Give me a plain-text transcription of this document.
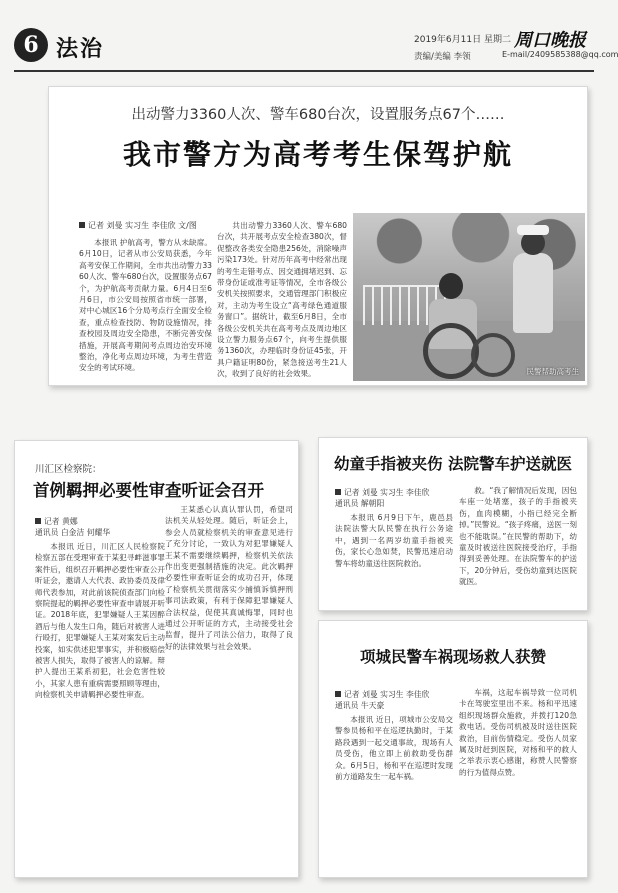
6 法治	2019年6月11日 星期二 周口晚报
责编/美编 李领	E-mail/2409585388@qq.com
出动警力3360人次、警车680台次，设置服务点67个……
我市警方为高考考生保驾护航
记者 刘曼 实习生 李佳欣 文/图

本报讯 护航高考，警方从未缺席。6月10日，记者从市公安局获悉，今年高考安保工作期间，全市共出动警力3360人次、警车680台次，设置服务点67个，为护航高考贡献力量。6月4日至6月6日，市公安局按照省市统一部署，对中心城区16个分局考点行全面安全检查，重点检查技防、物防设施情况，排查校园及周边安全隐患，不断完善安保措施，开展高考期间考点周边治安环境整治，净化考点周边环境，为考生营造安全的考试环境。

共出动警力3360人次、警车680台次，共开展考点安全检查380次，督促整改各类安全隐患256处，消除噪声污染173处。针对历年高考中经常出现的考生走错考点、因交通拥堵迟到、忘带身份证或准考证等情况，全市各级公安机关按照要求，交通管理部门积极应对，主动为考生设立“高考绿色通道服务窗口”。据统计，截至6月8日，全市各级公安机关共在高考考点及周边地区设立警力服务点67个，向考生提供服务1360次，办理临时身份证45张，开具户籍证明80份，紧急接送考生21人次，收到了良好的社会效果。	民警帮助高考生
川汇区检察院：
首例羁押必要性审查听证会召开
记者 黄娜
通讯员 白金洁 何耀华

本报讯 近日，川汇区人民检察院检察五部在受理审查于某犯寻衅滋事罪案件后，组织召开羁押必要性审查公开听证会，邀请人大代表、政协委员及律师代表参加，对此前该院侦查部门向检察院提起的羁押必要性审查申请展开听证。2018年底，犯罪嫌疑人王某因醉酒后与他人发生口角，随后对被害人进行殴打，犯罪嫌疑人王某对案发后主动投案，如实供述犯罪事实，并积极赔偿被害人损失，取得了被害人的谅解。辩护人提出王某系初犯，社会危害性较小，其家人患有重病需要照顾等理由，向检察机关申请羁押必要性审查。

王某悉心认真认罪认罚，希望司法机关从轻处理。随后，听证会上，参会人员就检察机关的审查意见进行了充分讨论，一致认为对犯罪嫌疑人王某不需要继续羁押，检察机关依法作出变更强制措施的决定。此次羁押必要性审查听证会的成功召开，体现了检察机关贯彻落实少捕慎诉慎押刑事司法政策，有利于保障犯罪嫌疑人合法权益，促使其真诚悔罪，同时也通过公开听证的方式，主动接受社会监督，提升了司法公信力，取得了良好的法律效果与社会效果。

幼童手指被夹伤 法院警车护送就医
记者 刘曼 实习生 李佳欣
通讯员 解朝阳

本报讯 6月9日下午，鹿邑县法院法警大队民警在执行公务途中，遇到一名两岁幼童手指被夹伤，家长心急如焚，民警迅速启动警车将幼童送往医院救治。

救。“我了解情况后发现，因包车座一处堵塞，孩子的手指被夹伤，血肉模糊，小指已经完全断掉。”民警说。“孩子疼痛，送医一刻也不能耽误。”在民警的帮助下，幼童及时被送往医院接受治疗，手指得到妥善处理。在法院警车的护送下，20分钟后，受伤幼童到达医院就医。

项城民警车祸现场救人获赞
记者 刘曼 实习生 李佳欣
通讯员 牛天豪

本报讯 近日，项城市公安局交警参员杨和平在巡逻执勤时，于某路段遇到一起交通事故，现场有人员受伤，他立即上前救助受伤群众。6月5日，杨和平在巡逻时发现前方道路发生一起车祸。

车祸，这起车祸导致一位司机卡在驾驶室里出不来。杨和平迅速组织现场群众施救，并拨打120急救电话。受伤司机被及时送往医院救治，目前伤情稳定。受伤人员家属及时赶到医院，对杨和平的救人之举表示衷心感谢，称赞人民警察的行为值得点赞。
